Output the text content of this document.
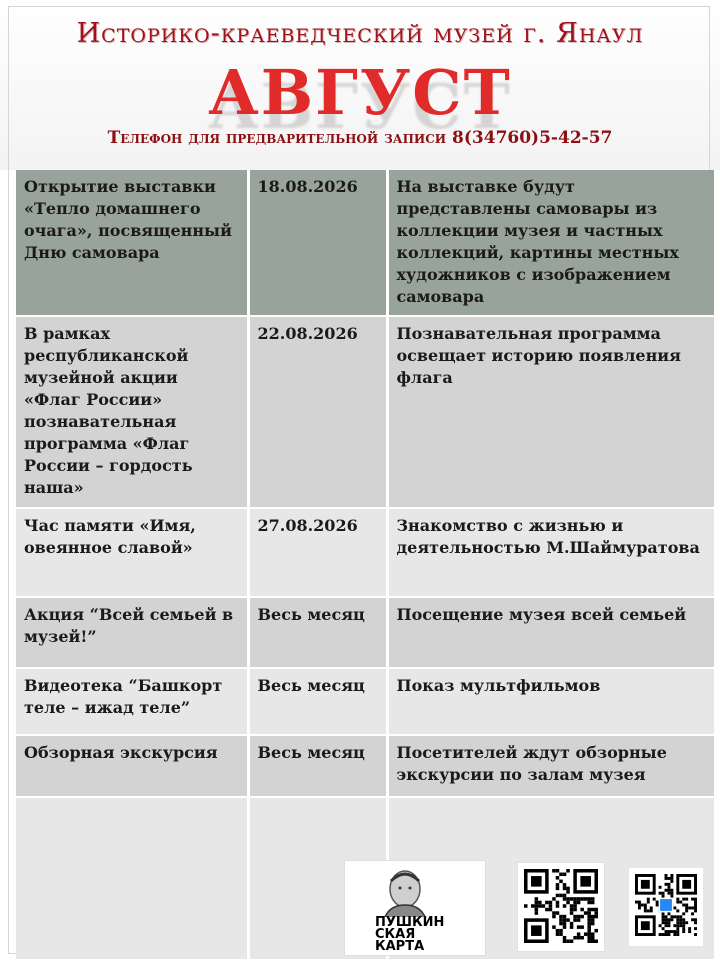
Историко-краеведческий музей г. Янаул
АВГУСТ
Телефон для предварительной записи 8(34760)5-42-57
Открытие выставки «Тепло домашнего очага», посвященный Дню самовара	18.08.2026	На выставке будут представлены самовары из коллекции музея и частных коллекций, картины местных художников с изображением самовара
В рамках республиканской музейной акции «Флаг России» познавательная программа «Флаг России – гордость наша»	22.08.2026	Познавательная программа освещает историю появления флага
Час памяти «Имя, овеянное славой»	27.08.2026	Знакомство с жизнью и деятельностью М.Шаймуратова
Акция “Всей семьей в музей!”	Весь месяц	Посещение музея всей семьей
Видеотека “Башкорт теле – ижад теле”	Весь месяц	Показ мультфильмов
Обзорная экскурсия	Весь месяц	Посетителей ждут обзорные экскурсии по залам музея

ПУШКИН СКАЯ КАРТА
